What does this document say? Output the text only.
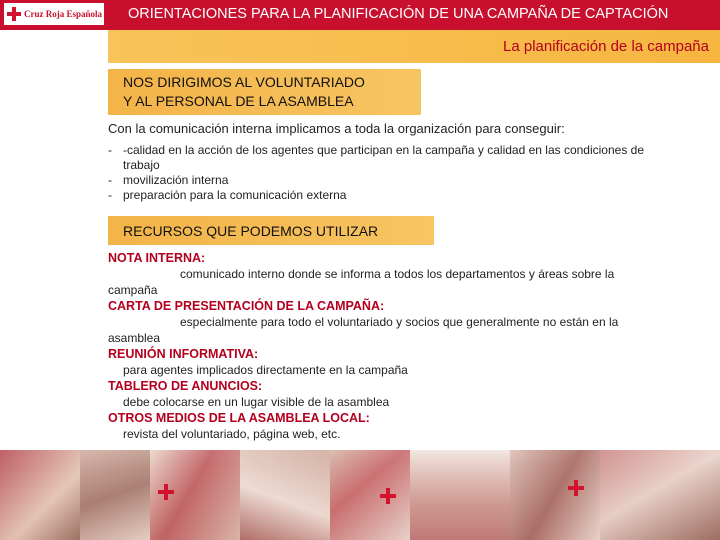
Cruz Roja Española ORIENTACIONES PARA LA PLANIFICACIÓN DE UNA CAMPAÑA DE CAPTACIÓN
La planificación de la campaña
NOS DIRIGIMOS AL VOLUNTARIADO
Y AL PERSONAL DE LA ASAMBLEA
Con la comunicación interna implicamos a toda la organización para conseguir:
- -calidad en la acción de los agentes que participan en la campaña y calidad en las condiciones de trabajo
- movilización interna
- preparación para la comunicación externa
RECURSOS QUE PODEMOS UTILIZAR
NOTA INTERNA:
comunicado interno donde se informa a todos los departamentos y áreas sobre la campaña
CARTA DE PRESENTACIÓN DE LA CAMPAÑA:
especialmente para todo el voluntariado y socios que generalmente no están en la asamblea
REUNIÓN INFORMATIVA:
para agentes implicados directamente en la campaña
TABLERO DE ANUNCIOS:
debe colocarse en un lugar visible de la asamblea
OTROS MEDIOS DE LA ASAMBLEA LOCAL:
revista del voluntariado, página web, etc.
